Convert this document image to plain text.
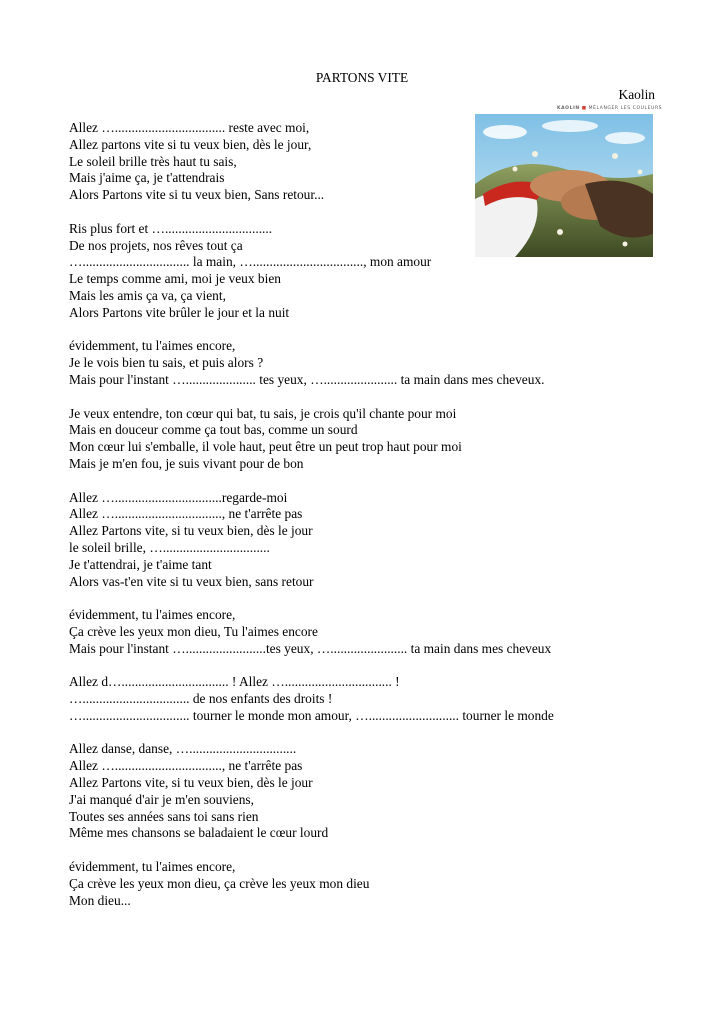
PARTONS VITE
Kaolin
KAOLIN ■ MÉLANGER LES COULEURS
Allez …................................. reste avec moi,
Allez partons vite si tu veux bien, dès le jour,
Le soleil brille très haut tu sais,
Mais j'aime ça, je t'attendrais
Alors Partons vite si tu veux bien, Sans retour...
Ris plus fort et …................................
De nos projets, nos rêves tout ça
…................................ la main, …................................., mon amour
Le temps comme ami, moi je veux bien
Mais les amis ça va, ça vient,
Alors Partons vite brûler le jour et la nuit
évidemment, tu l'aimes encore,
Je le vois bien tu sais, et puis alors ?
Mais pour l'instant …..................... tes yeux, …...................... ta main dans mes cheveux.
Je veux entendre, ton cœur qui bat, tu sais, je crois qu'il chante pour moi
Mais en douceur comme ça tout bas, comme un sourd
Mon cœur lui s'emballe, il vole haut, peut être un peut trop haut pour moi
Mais je m'en fou, je suis vivant pour de bon
Allez …................................regarde-moi
Allez …................................, ne t'arrête pas
Allez Partons vite, si tu veux bien, dès le jour
le soleil brille, …................................
Je t'attendrai, je t'aime tant
Alors vas-t'en vite si tu veux bien, sans retour
évidemment, tu l'aimes encore,
Ça crève les yeux mon dieu, Tu l'aimes encore
Mais pour l'instant …........................tes yeux, …....................... ta main dans mes cheveux
Allez d…................................ ! Allez …................................ !
…................................ de nos enfants des droits !
…................................ tourner le monde mon amour, …........................... tourner le monde
Allez danse, danse, …................................
Allez …................................, ne t'arrête pas
Allez Partons vite, si tu veux bien, dès le jour
J'ai manqué d'air je m'en souviens,
Toutes ses années sans toi sans rien
Même mes chansons se baladaient le cœur lourd
évidemment, tu l'aimes encore,
Ça crève les yeux mon dieu, ça crève les yeux mon dieu
Mon dieu...
